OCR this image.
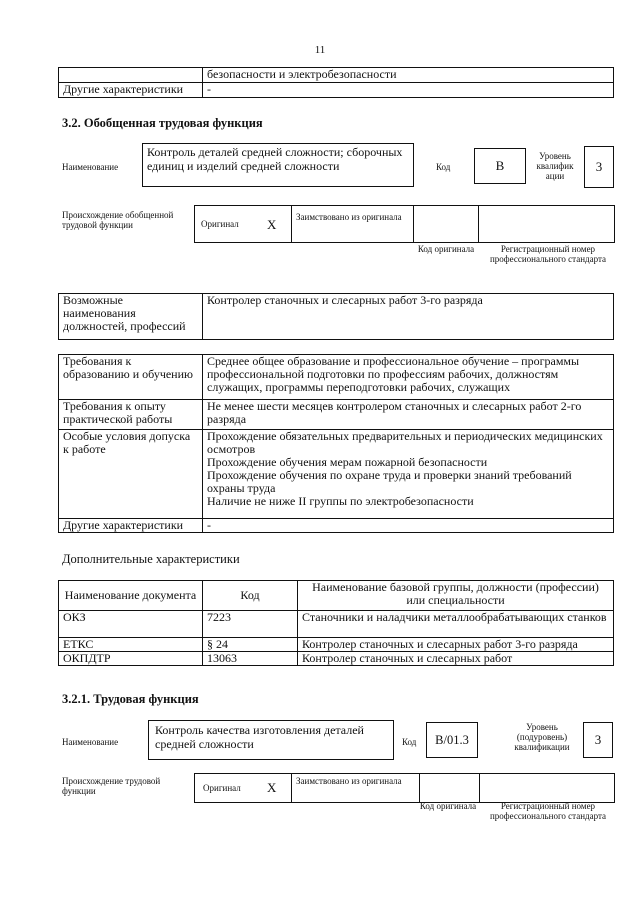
11
	безопасности и электробезопасности
Другие характеристики	-
3.2. Обобщенная трудовая функция
Наименование
Контроль деталей средней сложности; сборочных единиц и изделий средней сложности	Код	B
Уровень квалифик ации
3
Происхождение обобщенной трудовой функции	Оригинал X Заимствовано из оригинала
Код оригинала	Регистрационный номер профессионального стандарта
Возможные наименования должностей, профессий	Контролер станочных и слесарных работ 3-го разряда
Требования к образованию и обучению	Среднее общее образование и профессиональное обучение – программы профессиональной подготовки по профессиям рабочих, должностям служащих, программы переподготовки рабочих, служащих
Требования к опыту практической работы	Не менее шести месяцев контролером станочных и слесарных работ 2-го разряда
Особые условия допуска к работе	Прохождение обязательных предварительных и периодических медицинских осмотров
Прохождение обучения мерам пожарной безопасности
Прохождение обучения по охране труда и проверки знаний требований охраны труда
Наличие не ниже II группы по электробезопасности

Другие характеристики	-
Дополнительные характеристики
Наименование документа	Код	Наименование базовой группы, должности (профессии) или специальности
ОКЗ	7223	Станочники и наладчики металлообрабатывающих станков
ЕТКС	§ 24	Контролер станочных и слесарных работ 3-го разряда
ОКПДТР	13063	Контролер станочных и слесарных работ
3.2.1. Трудовая функция
Наименование
Контроль качества изготовления деталей средней сложности	Код	B/01.3
Уровень (подуровень) квалификации	3
Происхождение трудовой функции	Оригинал X Заимствовано из оригинала
Код оригинала	Регистрационный номер профессионального стандарта
